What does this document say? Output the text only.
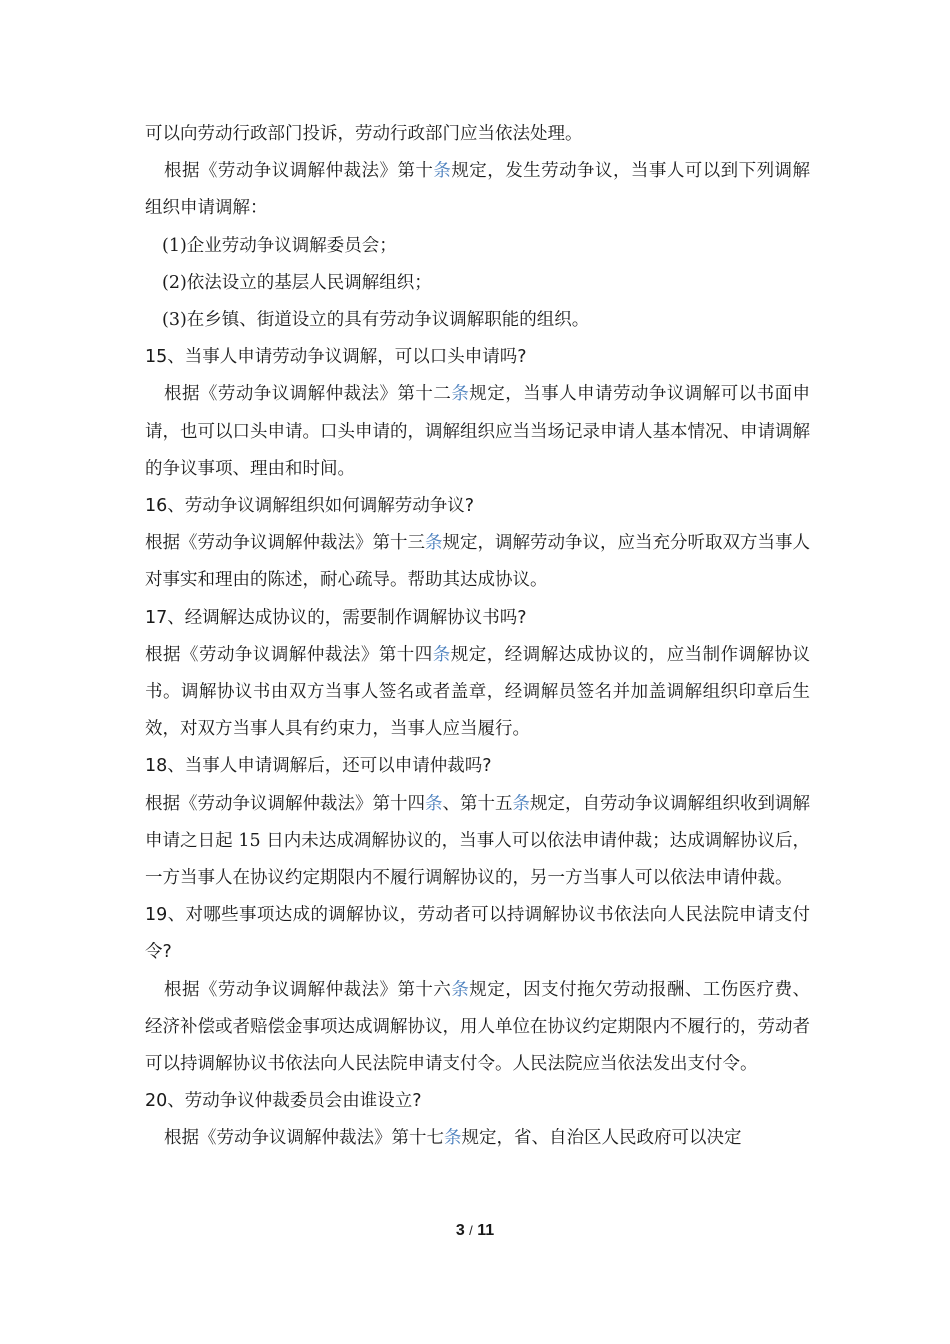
可以向劳动行政部门投诉，劳动行政部门应当依法处理。

根据《劳动争议调解仲裁法》第十条规定，发生劳动争议，当事人可以到下列调解组织申请调解：

(1)企业劳动争议调解委员会；

(2)依法设立的基层人民调解组织；

(3)在乡镇、街道设立的具有劳动争议调解职能的组织。

15、当事人申请劳动争议调解，可以口头申请吗?

根据《劳动争议调解仲裁法》第十二条规定，当事人申请劳动争议调解可以书面申请，也可以口头申请。口头申请的，调解组织应当当场记录申请人基本情况、申请调解的争议事项、理由和时间。

16、劳动争议调解组织如何调解劳动争议?

根据《劳动争议调解仲裁法》第十三条规定，调解劳动争议，应当充分听取双方当事人对事实和理由的陈述，耐心疏导。帮助其达成协议。

17、经调解达成协议的，需要制作调解协议书吗?

根据《劳动争议调解仲裁法》第十四条规定，经调解达成协议的，应当制作调解协议书。调解协议书由双方当事人签名或者盖章，经调解员签名并加盖调解组织印章后生效，对双方当事人具有约束力，当事人应当履行。

18、当事人申请调解后，还可以申请仲裁吗?

根据《劳动争议调解仲裁法》第十四条、第十五条规定，自劳动争议调解组织收到调解申请之日起 15 日内未达成凋解协议的，当事人可以依法申请仲裁；达成调解协议后，一方当事人在协议约定期限内不履行调解协议的，另一方当事人可以依法申请仲裁。

19、对哪些事项达成的调解协议，劳动者可以持调解协议书依法向人民法院申请支付令?

根据《劳动争议调解仲裁法》第十六条规定，因支付拖欠劳动报酬、工伤医疗费、经济补偿或者赔偿金事项达成调解协议，用人单位在协议约定期限内不履行的，劳动者可以持调解协议书依法向人民法院申请支付令。人民法院应当依法发出支付令。

20、劳动争议仲裁委员会由谁设立?

根据《劳动争议调解仲裁法》第十七条规定，省、自治区人民政府可以决定

3 / 11
